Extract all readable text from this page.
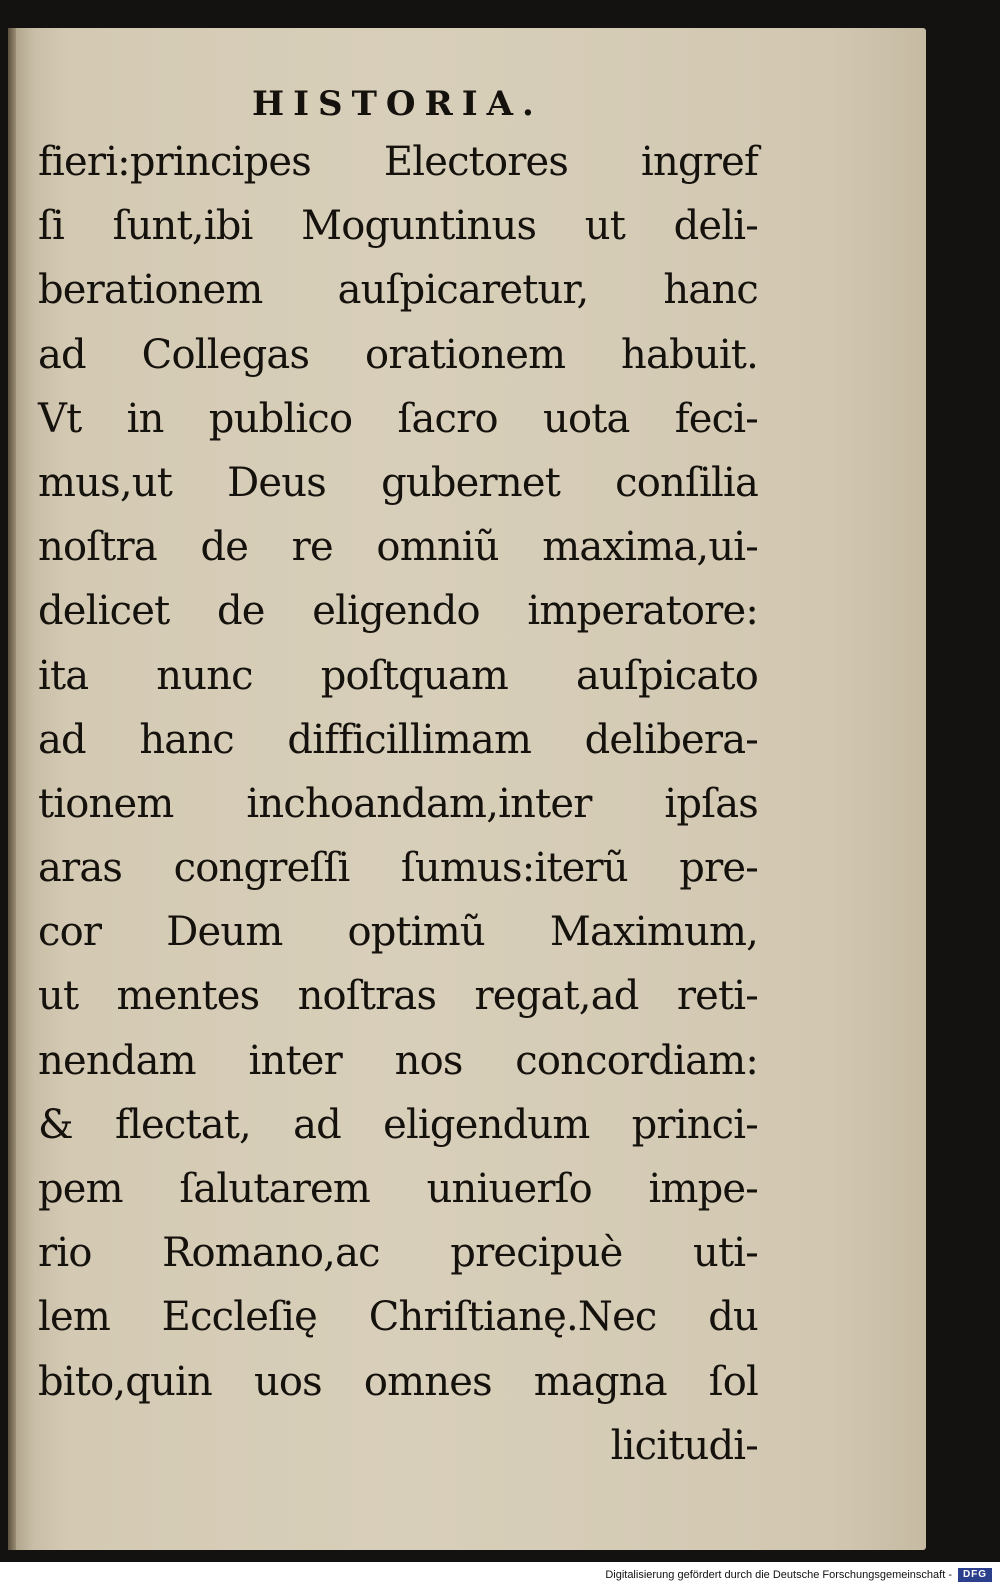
HISTORIA.
fieri:principes Electores ingref
ſi ſunt,ibi Moguntinus ut deli-
berationem auſpicaretur, hanc
ad Collegas orationem habuit.
Vt in publico ſacro uota feci-
mus,ut Deus gubernet conſilia
noſtra de re omniũ maxima,ui-
delicet de eligendo imperatore:
ita nunc poſtquam auſpicato
ad hanc difficillimam delibera-
tionem inchoandam,inter ipſas
aras congreſſi ſumus:iterũ pre-
cor Deum optimũ Maximum,
ut mentes noſtras regat,ad reti-
nendam inter nos concordiam:
& flectat, ad eligendum princi-
pem ſalutarem uniuerſo impe-
rio Romano,ac precipuè uti-
lem Eccleſię Chriſtianę.Nec du
bito,quin uos omnes magna ſol
licitudi-
Digitalisierung gefördert durch die Deutsche Forschungsgemeinschaft -	DFG
